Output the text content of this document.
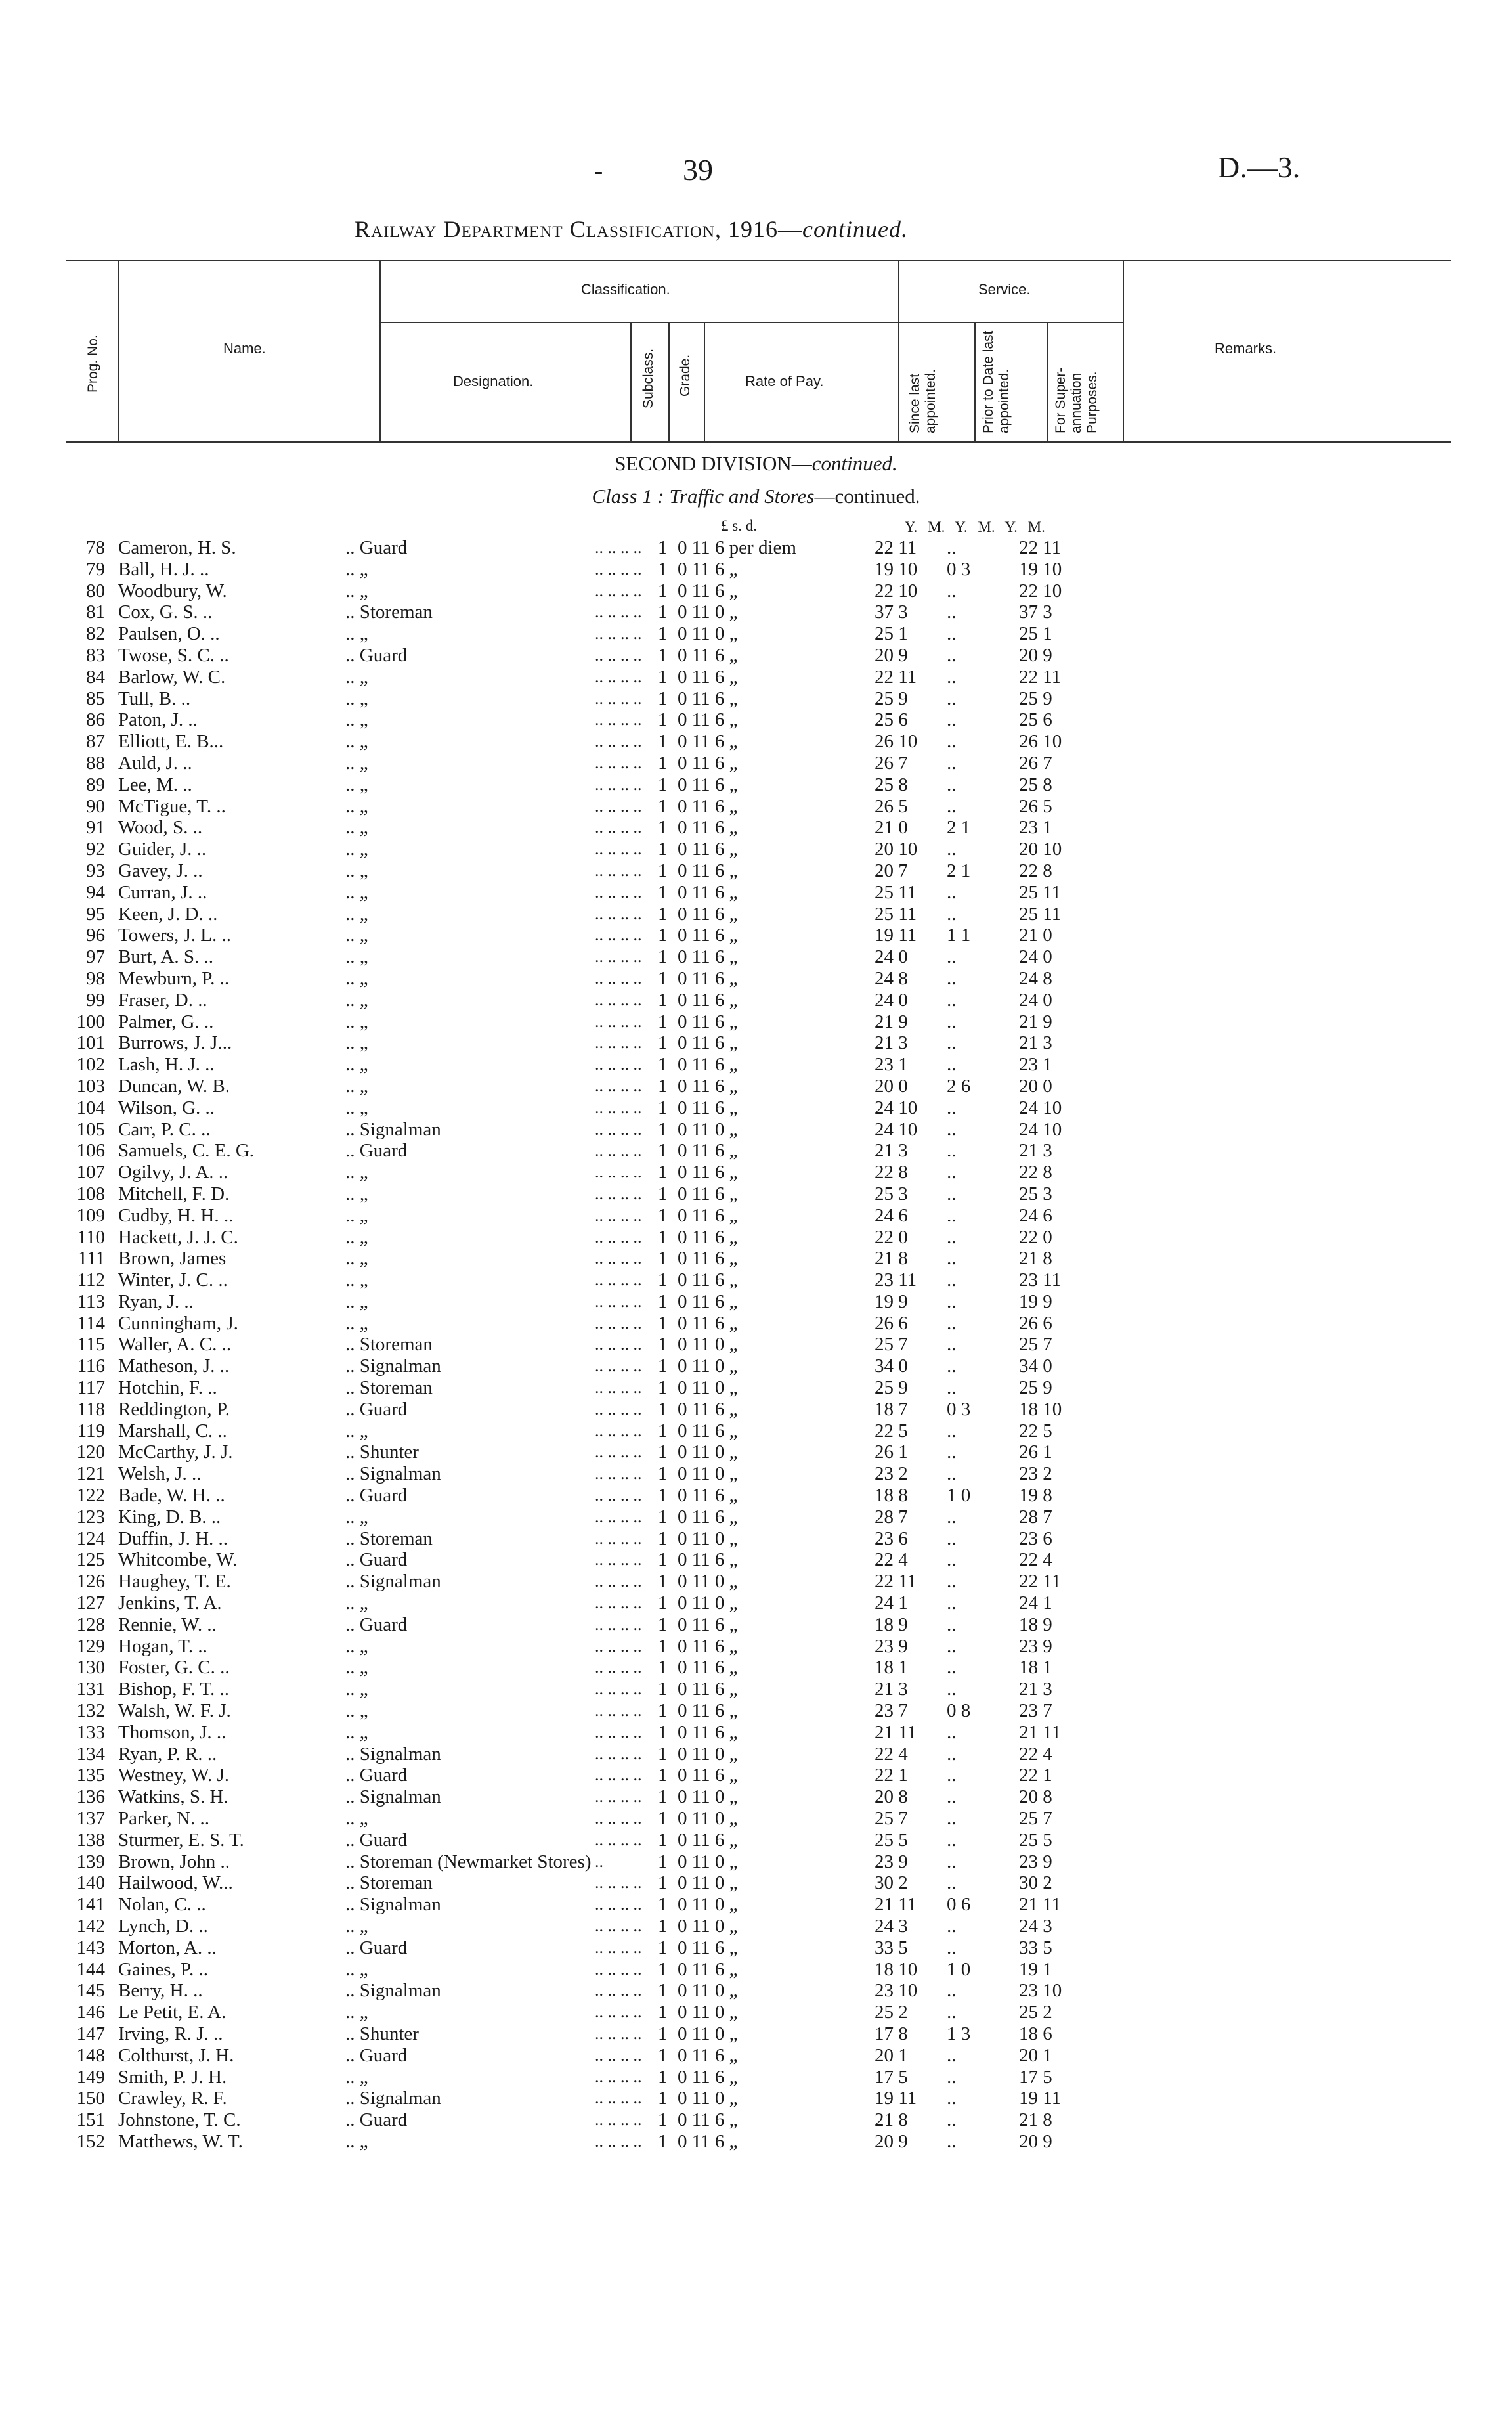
-	39	D.—3.
Railway Department Classification, 1916—continued.
Prog. No.	Name.
Classification.
Designation.	Subclass. Grade.	Rate of Pay.
Service.
Since last appointed.	Prior to Date last appointed.	For Super-annuation Purposes.
Remarks.
SECOND DIVISION—continued.
Class 1 : Traffic and Stores—continued.
£ s. d.	Y. M. Y. M. Y. M.
78	Cameron, H. S.	.. Guard	.. .. .. ..	1	0 11 6 per diem	22 11	..	22 11
79	Ball, H. J. ..	.. „	.. .. .. ..	1	0 11 6 „	19 10	0 3	19 10
80	Woodbury, W.	.. „	.. .. .. ..	1	0 11 6 „	22 10	..	22 10
81	Cox, G. S. ..	.. Storeman	.. .. .. ..	1	0 11 0 „	37 3	..	37 3
82	Paulsen, O. ..	.. „	.. .. .. ..	1	0 11 0 „	25 1	..	25 1
83	Twose, S. C. ..	.. Guard	.. .. .. ..	1	0 11 6 „	20 9	..	20 9
84	Barlow, W. C.	.. „	.. .. .. ..	1	0 11 6 „	22 11	..	22 11
85	Tull, B. ..	.. „	.. .. .. ..	1	0 11 6 „	25 9	..	25 9
86	Paton, J. ..	.. „	.. .. .. ..	1	0 11 6 „	25 6	..	25 6
87	Elliott, E. B...	.. „	.. .. .. ..	1	0 11 6 „	26 10	..	26 10
88	Auld, J. ..	.. „	.. .. .. ..	1	0 11 6 „	26 7	..	26 7
89	Lee, M. ..	.. „	.. .. .. ..	1	0 11 6 „	25 8	..	25 8
90	McTigue, T. ..	.. „	.. .. .. ..	1	0 11 6 „	26 5	..	26 5
91	Wood, S. ..	.. „	.. .. .. ..	1	0 11 6 „	21 0	2 1	23 1
92	Guider, J. ..	.. „	.. .. .. ..	1	0 11 6 „	20 10	..	20 10
93	Gavey, J. ..	.. „	.. .. .. ..	1	0 11 6 „	20 7	2 1	22 8
94	Curran, J. ..	.. „	.. .. .. ..	1	0 11 6 „	25 11	..	25 11
95	Keen, J. D. ..	.. „	.. .. .. ..	1	0 11 6 „	25 11	..	25 11
96	Towers, J. L. ..	.. „	.. .. .. ..	1	0 11 6 „	19 11	1 1	21 0
97	Burt, A. S. ..	.. „	.. .. .. ..	1	0 11 6 „	24 0	..	24 0
98	Mewburn, P. ..	.. „	.. .. .. ..	1	0 11 6 „	24 8	..	24 8
99	Fraser, D. ..	.. „	.. .. .. ..	1	0 11 6 „	24 0	..	24 0
100	Palmer, G. ..	.. „	.. .. .. ..	1	0 11 6 „	21 9	..	21 9
101	Burrows, J. J...	.. „	.. .. .. ..	1	0 11 6 „	21 3	..	21 3
102	Lash, H. J. ..	.. „	.. .. .. ..	1	0 11 6 „	23 1	..	23 1
103	Duncan, W. B.	.. „	.. .. .. ..	1	0 11 6 „	20 0	2 6	20 0
104	Wilson, G. ..	.. „	.. .. .. ..	1	0 11 6 „	24 10	..	24 10
105	Carr, P. C. ..	.. Signalman	.. .. .. ..	1	0 11 0 „	24 10	..	24 10
106	Samuels, C. E. G.	.. Guard	.. .. .. ..	1	0 11 6 „	21 3	..	21 3
107	Ogilvy, J. A. ..	.. „	.. .. .. ..	1	0 11 6 „	22 8	..	22 8
108	Mitchell, F. D.	.. „	.. .. .. ..	1	0 11 6 „	25 3	..	25 3
109	Cudby, H. H. ..	.. „	.. .. .. ..	1	0 11 6 „	24 6	..	24 6
110	Hackett, J. J. C.	.. „	.. .. .. ..	1	0 11 6 „	22 0	..	22 0
111	Brown, James	.. „	.. .. .. ..	1	0 11 6 „	21 8	..	21 8
112	Winter, J. C. ..	.. „	.. .. .. ..	1	0 11 6 „	23 11	..	23 11
113	Ryan, J. ..	.. „	.. .. .. ..	1	0 11 6 „	19 9	..	19 9
114	Cunningham, J.	.. „	.. .. .. ..	1	0 11 6 „	26 6	..	26 6
115	Waller, A. C. ..	.. Storeman	.. .. .. ..	1	0 11 0 „	25 7	..	25 7
116	Matheson, J. ..	.. Signalman	.. .. .. ..	1	0 11 0 „	34 0	..	34 0
117	Hotchin, F. ..	.. Storeman	.. .. .. ..	1	0 11 0 „	25 9	..	25 9
118	Reddington, P.	.. Guard	.. .. .. ..	1	0 11 6 „	18 7	0 3	18 10
119	Marshall, C. ..	.. „	.. .. .. ..	1	0 11 6 „	22 5	..	22 5
120	McCarthy, J. J.	.. Shunter	.. .. .. ..	1	0 11 0 „	26 1	..	26 1
121	Welsh, J. ..	.. Signalman	.. .. .. ..	1	0 11 0 „	23 2	..	23 2
122	Bade, W. H. ..	.. Guard	.. .. .. ..	1	0 11 6 „	18 8	1 0	19 8
123	King, D. B. ..	.. „	.. .. .. ..	1	0 11 6 „	28 7	..	28 7
124	Duffin, J. H. ..	.. Storeman	.. .. .. ..	1	0 11 0 „	23 6	..	23 6
125	Whitcombe, W.	.. Guard	.. .. .. ..	1	0 11 6 „	22 4	..	22 4
126	Haughey, T. E.	.. Signalman	.. .. .. ..	1	0 11 0 „	22 11	..	22 11
127	Jenkins, T. A.	.. „	.. .. .. ..	1	0 11 0 „	24 1	..	24 1
128	Rennie, W. ..	.. Guard	.. .. .. ..	1	0 11 6 „	18 9	..	18 9
129	Hogan, T. ..	.. „	.. .. .. ..	1	0 11 6 „	23 9	..	23 9
130	Foster, G. C. ..	.. „	.. .. .. ..	1	0 11 6 „	18 1	..	18 1
131	Bishop, F. T. ..	.. „	.. .. .. ..	1	0 11 6 „	21 3	..	21 3
132	Walsh, W. F. J.	.. „	.. .. .. ..	1	0 11 6 „	23 7	0 8	23 7
133	Thomson, J. ..	.. „	.. .. .. ..	1	0 11 6 „	21 11	..	21 11
134	Ryan, P. R. ..	.. Signalman	.. .. .. ..	1	0 11 0 „	22 4	..	22 4
135	Westney, W. J.	.. Guard	.. .. .. ..	1	0 11 6 „	22 1	..	22 1
136	Watkins, S. H.	.. Signalman	.. .. .. ..	1	0 11 0 „	20 8	..	20 8
137	Parker, N. ..	.. „	.. .. .. ..	1	0 11 0 „	25 7	..	25 7
138	Sturmer, E. S. T.	.. Guard	.. .. .. ..	1	0 11 6 „	25 5	..	25 5
139	Brown, John ..	.. Storeman (Newmarket Stores)	..	1	0 11 0 „	23 9	..	23 9
140	Hailwood, W...	.. Storeman	.. .. .. ..	1	0 11 0 „	30 2	..	30 2
141	Nolan, C. ..	.. Signalman	.. .. .. ..	1	0 11 0 „	21 11	0 6	21 11
142	Lynch, D. ..	.. „	.. .. .. ..	1	0 11 0 „	24 3	..	24 3
143	Morton, A. ..	.. Guard	.. .. .. ..	1	0 11 6 „	33 5	..	33 5
144	Gaines, P. ..	.. „	.. .. .. ..	1	0 11 6 „	18 10	1 0	19 1
145	Berry, H. ..	.. Signalman	.. .. .. ..	1	0 11 0 „	23 10	..	23 10
146	Le Petit, E. A.	.. „	.. .. .. ..	1	0 11 0 „	25 2	..	25 2
147	Irving, R. J. ..	.. Shunter	.. .. .. ..	1	0 11 0 „	17 8	1 3	18 6
148	Colthurst, J. H.	.. Guard	.. .. .. ..	1	0 11 6 „	20 1	..	20 1
149	Smith, P. J. H.	.. „	.. .. .. ..	1	0 11 6 „	17 5	..	17 5
150	Crawley, R. F.	.. Signalman	.. .. .. ..	1	0 11 0 „	19 11	..	19 11
151	Johnstone, T. C.	.. Guard	.. .. .. ..	1	0 11 6 „	21 8	..	21 8
152	Matthews, W. T.	.. „	.. .. .. ..	1	0 11 6 „	20 9	..	20 9
